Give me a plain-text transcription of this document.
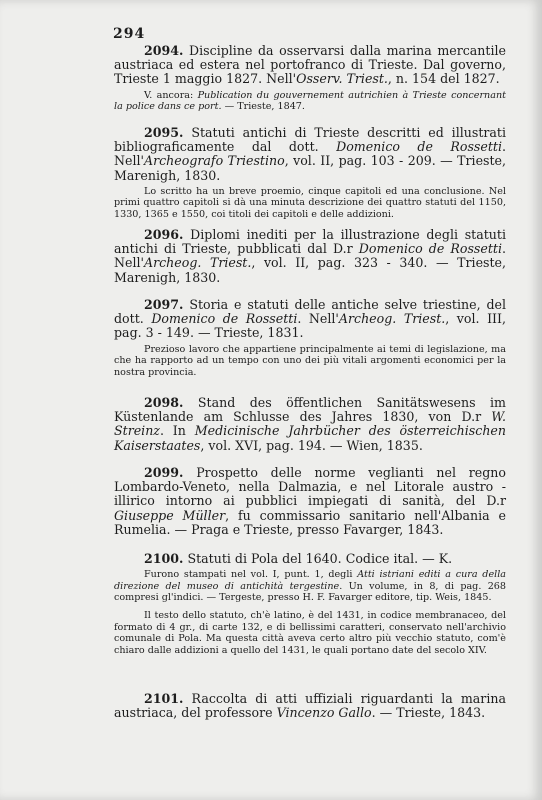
294

2094. Discipline da osservarsi dalla marina mercantile austriaca ed estera nel portofranco di Trieste. Dal governo, Trieste 1 maggio 1827. Nell'Osserv. Triest., n. 154 del 1827.

V. ancora: Publication du gouvernement autrichien à Trieste concernant la police dans ce port. — Trieste, 1847.

2095. Statuti antichi di Trieste descritti ed illustrati bibliograficamente dal dott. Domenico de Rossetti. Nell'Archeografo Triestino, vol. II, pag. 103 - 209. — Trieste, Marenigh, 1830.

Lo scritto ha un breve proemio, cinque capitoli ed una conclusione. Nel primi quattro capitoli si dà una minuta descrizione dei quattro statuti del 1150, 1330, 1365 e 1550, coi titoli dei capitoli e delle addizioni.

2096. Diplomi inediti per la illustrazione degli statuti antichi di Trieste, pubblicati dal D.r Domenico de Rossetti. Nell'Archeog. Triest., vol. II, pag. 323 - 340. — Trieste, Marenigh, 1830.

2097. Storia e statuti delle antiche selve triestine, del dott. Domenico de Rossetti. Nell'Archeog. Triest., vol. III, pag. 3 - 149. — Trieste, 1831.

Prezioso lavoro che appartiene principalmente ai temi di legislazione, ma che ha rapporto ad un tempo con uno dei più vitali argomenti economici per la nostra provincia.

2098. Stand des öffentlichen Sanitätswesens im Küstenlande am Schlusse des Jahres 1830, von D.r W. Streinz. In Medicinische Jahrbücher des österreichischen Kaiserstaates, vol. XVI, pag. 194. — Wien, 1835.

2099. Prospetto delle norme veglianti nel regno Lombardo-Veneto, nella Dalmazia, e nel Litorale austro - illirico intorno ai pubblici impiegati di sanità, del D.r Giuseppe Müller, fu commissario sanitario nell'Albania e Rumelia. — Praga e Trieste, presso Favarger, 1843.

2100. Statuti di Pola del 1640. Codice ital. — K.

Furono stampati nel vol. I, punt. 1, degli Atti istriani editi a cura della direzione del museo di antichità tergestine. Un volume, in 8, di pag. 268 compresi gl'indici. — Tergeste, presso H. F. Favarger editore, tip. Weis, 1845.

Il testo dello statuto, ch'è latino, è del 1431, in codice membranaceo, del formato di 4 gr., di carte 132, e di bellissimi caratteri, conservato nell'archivio comunale di Pola. Ma questa città aveva certo altro più vecchio statuto, com'è chiaro dalle addizioni a quello del 1431, le quali portano date del secolo XIV.

2101. Raccolta di atti uffiziali riguardanti la marina austriaca, del professore Vincenzo Gallo. — Trieste, 1843.
